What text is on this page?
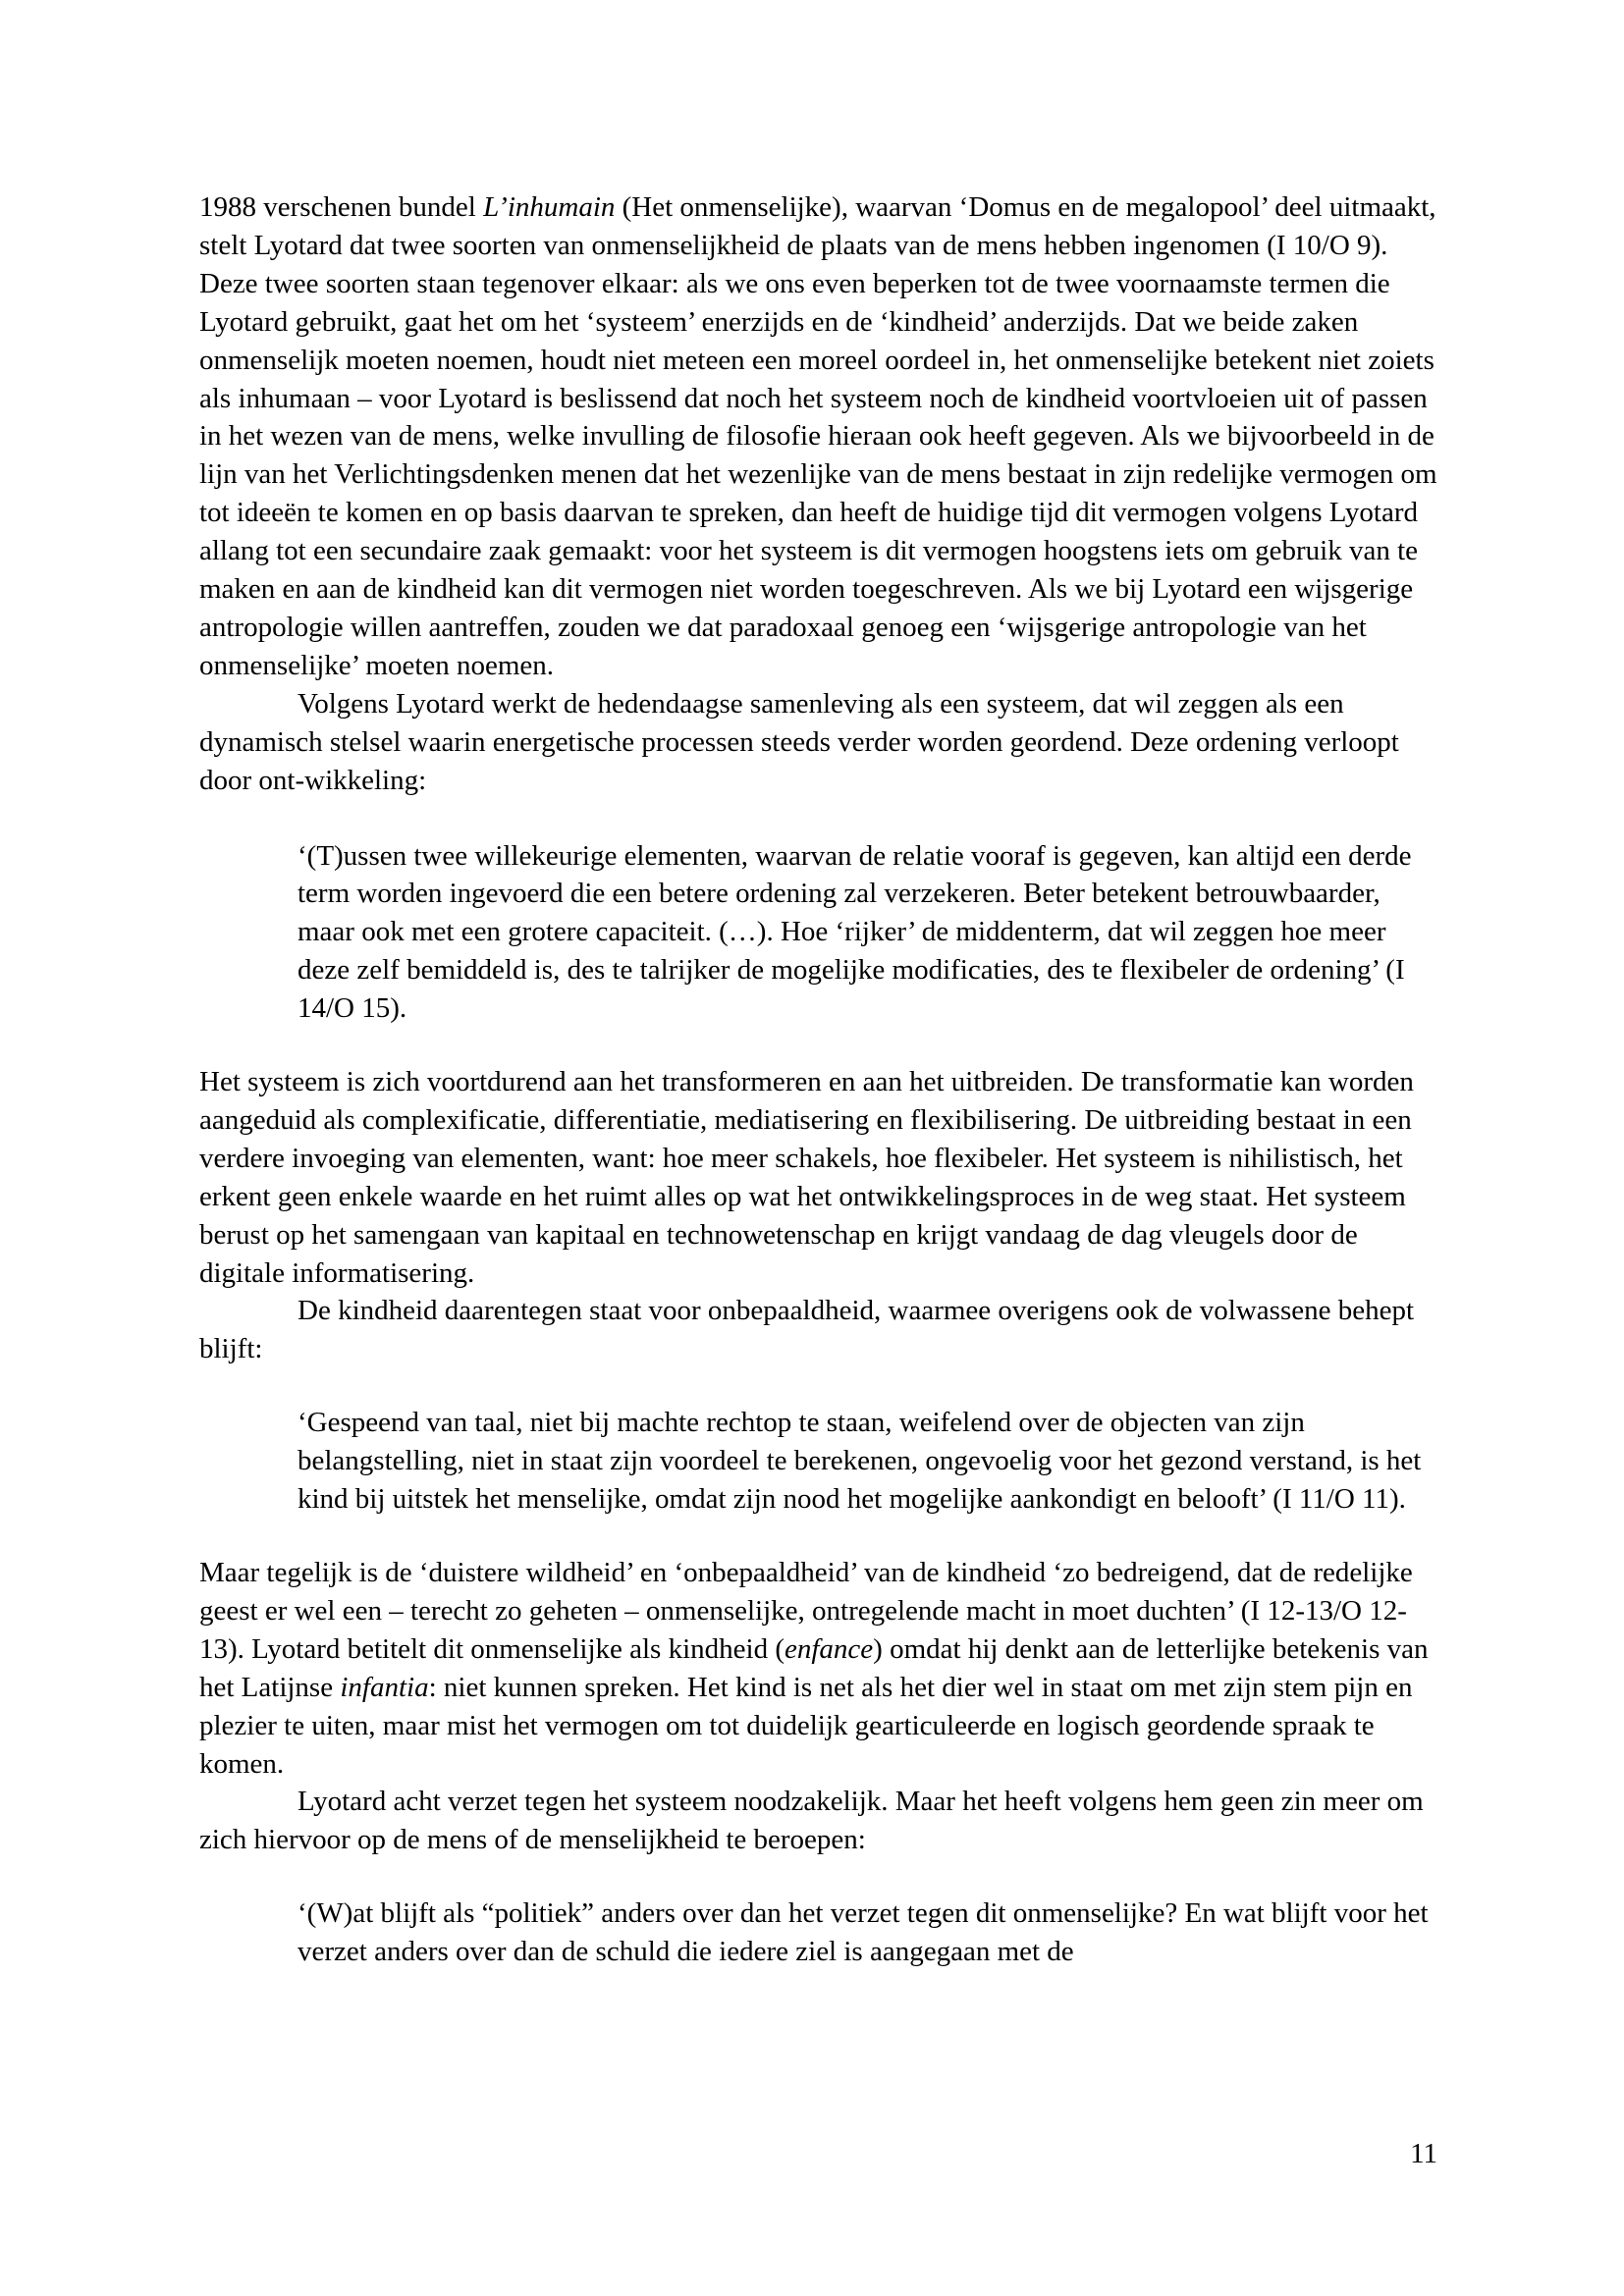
1988 verschenen bundel L’inhumain (Het onmenselijke), waarvan ‘Domus en de megalopool’ deel uitmaakt, stelt Lyotard dat twee soorten van onmenselijkheid de plaats van de mens hebben ingenomen (I 10/O 9). Deze twee soorten staan tegenover elkaar: als we ons even beperken tot de twee voornaamste termen die Lyotard gebruikt, gaat het om het ‘systeem’ enerzijds en de ‘kindheid’ anderzijds. Dat we beide zaken onmenselijk moeten noemen, houdt niet meteen een moreel oordeel in, het onmenselijke betekent niet zoiets als inhumaan – voor Lyotard is beslissend dat noch het systeem noch de kindheid voortvloeien uit of passen in het wezen van de mens, welke invulling de filosofie hieraan ook heeft gegeven. Als we bijvoorbeeld in de lijn van het Verlichtingsdenken menen dat het wezenlijke van de mens bestaat in zijn redelijke vermogen om tot ideeën te komen en op basis daarvan te spreken, dan heeft de huidige tijd dit vermogen volgens Lyotard allang tot een secundaire zaak gemaakt: voor het systeem is dit vermogen hoogstens iets om gebruik van te maken en aan de kindheid kan dit vermogen niet worden toegeschreven. Als we bij Lyotard een wijsgerige antropologie willen aantreffen, zouden we dat paradoxaal genoeg een ‘wijsgerige antropologie van het onmenselijke’ moeten noemen.

Volgens Lyotard werkt de hedendaagse samenleving als een systeem, dat wil zeggen als een dynamisch stelsel waarin energetische processen steeds verder worden geordend. Deze ordening verloopt door ont-wikkeling:

‘(T)ussen twee willekeurige elementen, waarvan de relatie vooraf is gegeven, kan altijd een derde term worden ingevoerd die een betere ordening zal verzekeren. Beter betekent betrouwbaarder, maar ook met een grotere capaciteit. (…). Hoe ‘rijker’ de middenterm, dat wil zeggen hoe meer deze zelf bemiddeld is, des te talrijker de mogelijke modificaties, des te flexibeler de ordening’ (I 14/O 15).

Het systeem is zich voortdurend aan het transformeren en aan het uitbreiden. De transformatie kan worden aangeduid als complexificatie, differentiatie, mediatisering en flexibilisering. De uitbreiding bestaat in een verdere invoeging van elementen, want: hoe meer schakels, hoe flexibeler. Het systeem is nihilistisch, het erkent geen enkele waarde en het ruimt alles op wat het ontwikkelingsproces in de weg staat. Het systeem berust op het samengaan van kapitaal en technowetenschap en krijgt vandaag de dag vleugels door de digitale informatisering.

De kindheid daarentegen staat voor onbepaaldheid, waarmee overigens ook de volwassene behept blijft:

‘Gespeend van taal, niet bij machte rechtop te staan, weifelend over de objecten van zijn belangstelling, niet in staat zijn voordeel te berekenen, ongevoelig voor het gezond verstand, is het kind bij uitstek het menselijke, omdat zijn nood het mogelijke aankondigt en belooft’ (I 11/O 11).

Maar tegelijk is de ‘duistere wildheid’ en ‘onbepaaldheid’ van de kindheid ‘zo bedreigend, dat de redelijke geest er wel een – terecht zo geheten – onmenselijke, ontregelende macht in moet duchten’ (I 12-13/O 12-13). Lyotard betitelt dit onmenselijke als kindheid (enfance) omdat hij denkt aan de letterlijke betekenis van het Latijnse infantia: niet kunnen spreken. Het kind is net als het dier wel in staat om met zijn stem pijn en plezier te uiten, maar mist het vermogen om tot duidelijk gearticuleerde en logisch geordende spraak te komen.

Lyotard acht verzet tegen het systeem noodzakelijk. Maar het heeft volgens hem geen zin meer om zich hiervoor op de mens of de menselijkheid te beroepen:

‘(W)at blijft als “politiek” anders over dan het verzet tegen dit onmenselijke? En wat blijft voor het verzet anders over dan de schuld die iedere ziel is aangegaan met de

11
